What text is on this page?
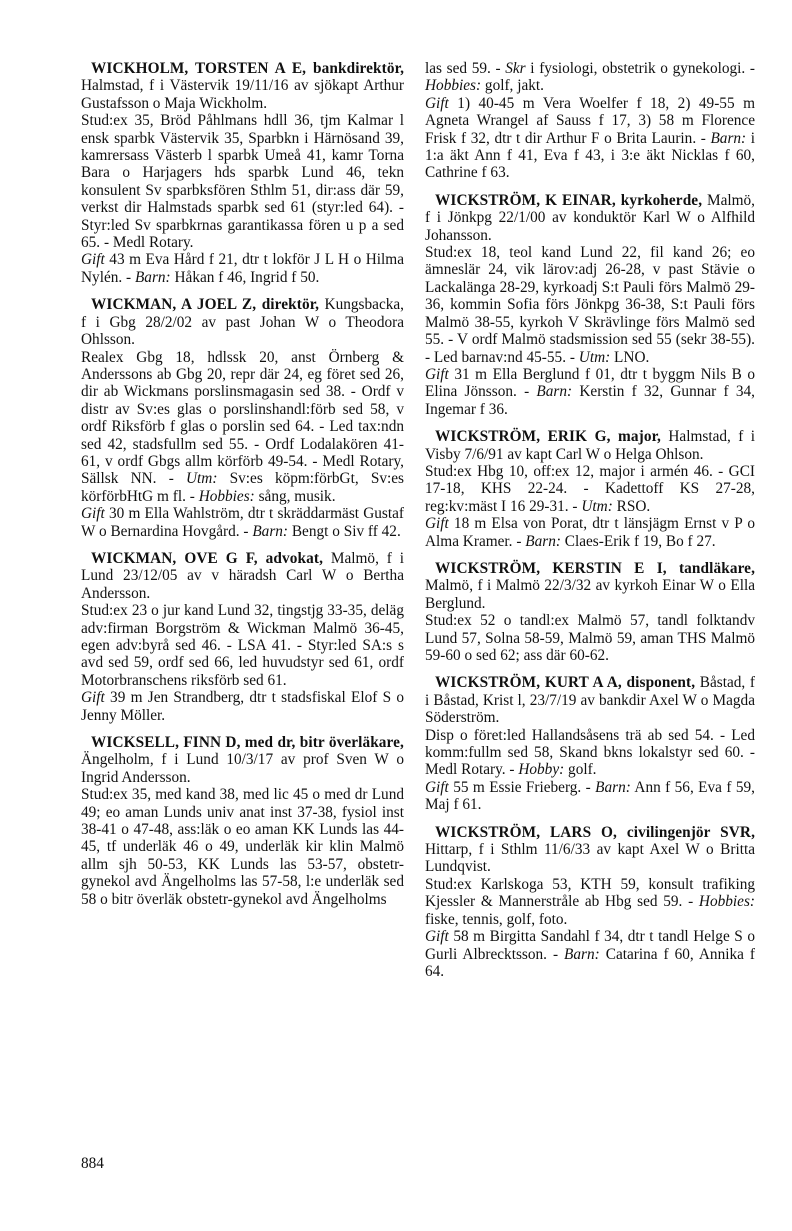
WICKHOLM, TORSTEN A E, bankdirektör, Halmstad, f i Västervik 19/11/16 av sjökapt Arthur Gustafsson o Maja Wickholm.

Stud:ex 35, Bröd Påhlmans hdll 36, tjm Kalmar l ensk sparbk Västervik 35, Sparbkn i Härnösand 39, kamrersass Västerb l sparbk Umeå 41, kamr Torna Bara o Harjagers hds sparbk Lund 46, tekn konsulent Sv sparbksfören Sthlm 51, dir:ass där 59, verkst dir Halmstads sparbk sed 61 (styr:led 64). - Styr:led Sv sparbkrnas garantikassa fören u p a sed 65. - Medl Rotary.

Gift 43 m Eva Hård f 21, dtr t lokför J L H o Hilma Nylén. - Barn: Håkan f 46, Ingrid f 50.

WICKMAN, A JOEL Z, direktör, Kungsbacka, f i Gbg 28/2/02 av past Johan W o Theodora Ohlsson.

Realex Gbg 18, hdlssk 20, anst Örnberg & Anderssons ab Gbg 20, repr där 24, eg föret sed 26, dir ab Wickmans porslinsmagasin sed 38. - Ordf v distr av Sv:es glas o porslinshandl:förb sed 58, v ordf Riksförb f glas o porslin sed 64. - Led tax:ndn sed 42, stadsfullm sed 55. - Ordf Lodalakören 41-61, v ordf Gbgs allm körförb 49-54. - Medl Rotary, Sällsk NN. - Utm: Sv:es köpm:förbGt, Sv:es körförbHtG m fl. - Hobbies: sång, musik.

Gift 30 m Ella Wahlström, dtr t skräddarmäst Gustaf W o Bernardina Hovgård. - Barn: Bengt o Siv ff 42.

WICKMAN, OVE G F, advokat, Malmö, f i Lund 23/12/05 av v häradsh Carl W o Bertha Andersson.

Stud:ex 23 o jur kand Lund 32, tingstjg 33-35, deläg adv:firman Borgström & Wickman Malmö 36-45, egen adv:byrå sed 46. - LSA 41. - Styr:led SA:s s avd sed 59, ordf sed 66, led huvudstyr sed 61, ordf Motorbranschens riksförb sed 61.

Gift 39 m Jen Strandberg, dtr t stadsfiskal Elof S o Jenny Möller.

WICKSELL, FINN D, med dr, bitr överläkare, Ängelholm, f i Lund 10/3/17 av prof Sven W o Ingrid Andersson.

Stud:ex 35, med kand 38, med lic 45 o med dr Lund 49; eo aman Lunds univ anat inst 37-38, fysiol inst 38-41 o 47-48, ass:läk o eo aman KK Lunds las 44-45, tf underläk 46 o 49, underläk kir klin Malmö allm sjh 50-53, KK Lunds las 53-57, obstetr-gynekol avd Ängelholms las 57-58, l:e underläk sed 58 o bitr överläk obstetr-gynekol avd Ängelholms

las sed 59. - Skr i fysiologi, obstetrik o gynekologi. - Hobbies: golf, jakt.

Gift 1) 40-45 m Vera Woelfer f 18, 2) 49-55 m Agneta Wrangel af Sauss f 17, 3) 58 m Florence Frisk f 32, dtr t dir Arthur F o Brita Laurin. - Barn: i 1:a äkt Ann f 41, Eva f 43, i 3:e äkt Nicklas f 60, Cathrine f 63.

WICKSTRÖM, K EINAR, kyrkoherde, Malmö, f i Jönkpg 22/1/00 av konduktör Karl W o Alfhild Johansson.

Stud:ex 18, teol kand Lund 22, fil kand 26; eo ämneslär 24, vik lärov:adj 26-28, v past Stävie o Lackalänga 28-29, kyrkoadj S:t Pauli förs Malmö 29-36, kommin Sofia förs Jönkpg 36-38, S:t Pauli förs Malmö 38-55, kyrkoh V Skrävlinge förs Malmö sed 55. - V ordf Malmö stadsmission sed 55 (sekr 38-55). - Led barnav:nd 45-55. - Utm: LNO.

Gift 31 m Ella Berglund f 01, dtr t byggm Nils B o Elina Jönsson. - Barn: Kerstin f 32, Gunnar f 34, Ingemar f 36.

WICKSTRÖM, ERIK G, major, Halmstad, f i Visby 7/6/91 av kapt Carl W o Helga Ohlson.

Stud:ex Hbg 10, off:ex 12, major i armén 46. - GCI 17-18, KHS 22-24. - Kadettoff KS 27-28, reg:kv:mäst I 16 29-31. - Utm: RSO.

Gift 18 m Elsa von Porat, dtr t länsjägm Ernst v P o Alma Kramer. - Barn: Claes-Erik f 19, Bo f 27.

WICKSTRÖM, KERSTIN E I, tandläkare, Malmö, f i Malmö 22/3/32 av kyrkoh Einar W o Ella Berglund.

Stud:ex 52 o tandl:ex Malmö 57, tandl folktandv Lund 57, Solna 58-59, Malmö 59, aman THS Malmö 59-60 o sed 62; ass där 60-62.

WICKSTRÖM, KURT A A, disponent, Båstad, f i Båstad, Krist l, 23/7/19 av bankdir Axel W o Magda Söderström.

Disp o föret:led Hallandsåsens trä ab sed 54. - Led komm:fullm sed 58, Skand bkns lokalstyr sed 60. - Medl Rotary. - Hobby: golf.

Gift 55 m Essie Frieberg. - Barn: Ann f 56, Eva f 59, Maj f 61.

WICKSTRÖM, LARS O, civilingenjör SVR, Hittarp, f i Sthlm 11/6/33 av kapt Axel W o Britta Lundqvist.

Stud:ex Karlskoga 53, KTH 59, konsult trafiking Kjessler & Mannerstråle ab Hbg sed 59. - Hobbies: fiske, tennis, golf, foto.

Gift 58 m Birgitta Sandahl f 34, dtr t tandl Helge S o Gurli Albrecktsson. - Barn: Catarina f 60, Annika f 64.

884
